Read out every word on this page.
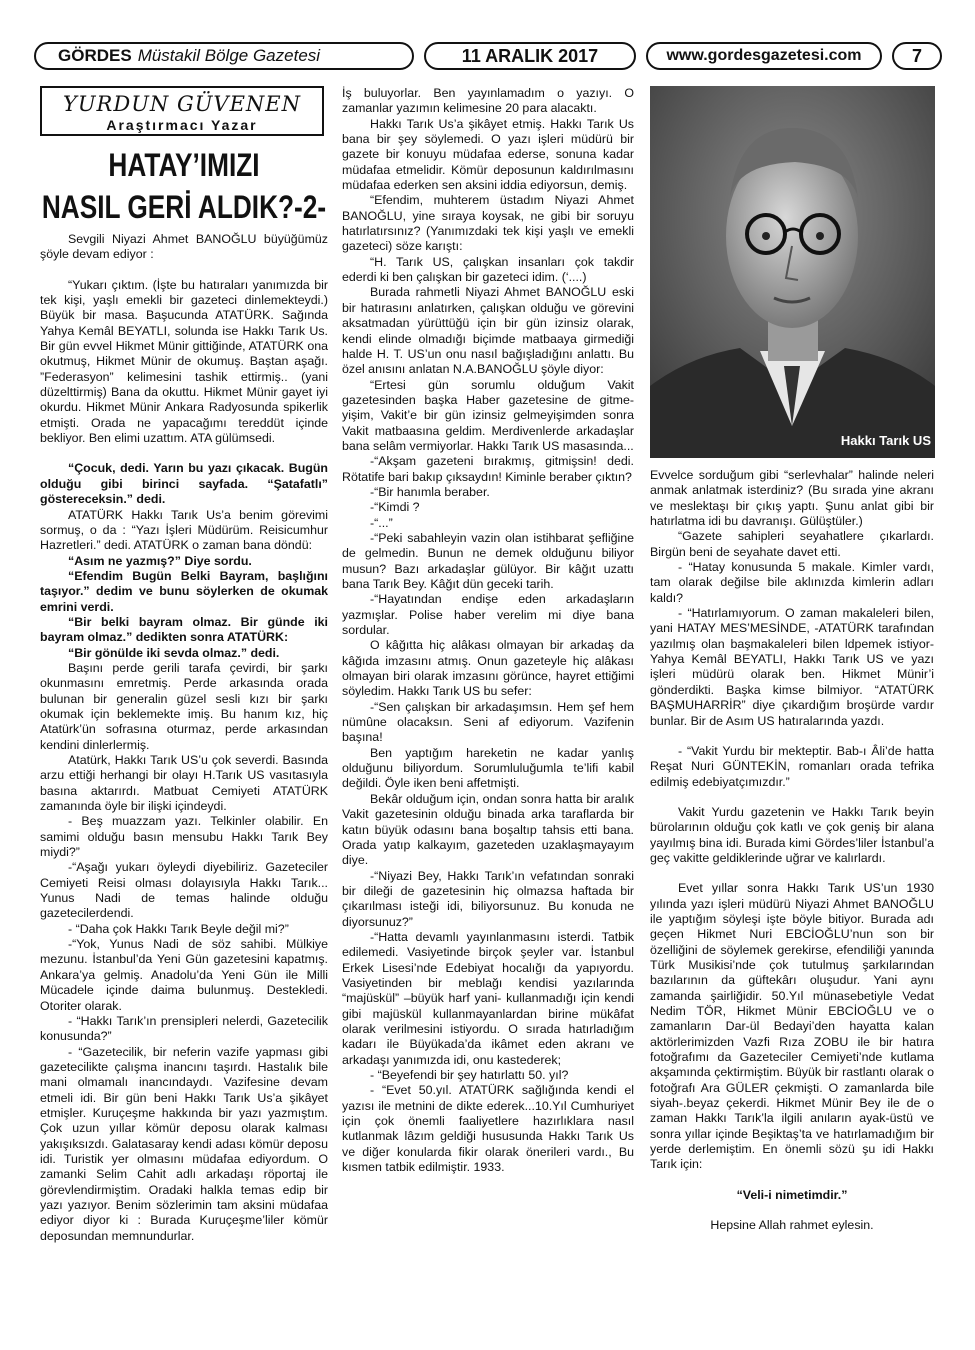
GÖRDES Müstakil Bölge Gazetesi	11 ARALIK 2017	www.gordesgazetesi.com	7
YURDUN GÜVENEN
Araştırmacı Yazar
HATAY’IMIZI
NASIL GERİ ALDIK?-2-

Sevgili Niyazi Ahmet BANOĞLU büyüğümüz şöyle devam ediyor :

“Yukarı çıktım. (İşte bu hatıraları yanımızda bir tek kişi, yaşlı emekli bir gazeteci dinlemekteydi.) Büyük bir masa. Başucunda ATATÜRK. Sağında Yahya Kemâl BEYATLI, solunda ise Hakkı Tarık Us. Bir gün evvel Hikmet Münir gittiğinde, ATATÜRK ona okutmuş, Hikmet Münir de okumuş. Baştan aşağı. ”Federasyon” kelimesini tashik ettirmiş.. (yani düzelttirmiş) Bana da okuttu. Hikmet Münir gayet iyi okurdu. Hikmet Münir Ankara Radyosunda spikerlik etmişti. Orada ne yapacağımı tereddüt içinde bekliyor. Ben elimi uzattım. ATA gülümsedi.

“Çocuk, dedi. Yarın bu yazı çıkacak. Bugün olduğu gibi birinci sayfada. “Şatafatlı” göstereceksin.” dedi.

ATATÜRK Hakkı Tarık Us’a benim görevimi sormuş, o da : “Yazı İşleri Müdürüm. Reisicumhur Hazretleri.” dedi. ATATÜRK o zaman bana döndü:

“Asım ne yazmış?” Diye sordu.

“Efendim Bugün Belki Bayram, başlığını taşıyor.” dedim ve bunu söylerken de okumak emrini verdi.

“Bir belki bayram olmaz. Bir günde iki bayram olmaz.” dedikten sonra ATATÜRK:

“Bir gönülde iki sevda olmaz.” dedi.

Başını perde gerili tarafa çevirdi, bir şarkı okunmasını emretmiş. Perde arkasında orada bulunan bir generalin güzel sesli kızı bir şarkı okumak için beklemekte imiş. Bu hanım kız, hiç Atatürk’ün sofrasına oturmaz, perde arkasından kendini dinlerlermiş.

Atatürk, Hakkı Tarık US’u çok severdi. Basında arzu ettiği herhangi bir olayı H.Tarık US vasıtasıyla basına aktarırdı. Matbuat Cemiyeti ATATÜRK zamanında öyle bir ilişki içindeydi.

- Beş muazzam yazı. Telkinler olabilir. En samimi olduğu basın mensubu Hakkı Tarık Bey miydi?”

-“Aşağı yukarı öyleydi diyebiliriz. Gazeteciler Cemiyeti Reisi olması dolayısıyla Hakkı Tarık... Yunus Nadi de temas halinde olduğu gazetecilerdendi.

- “Daha çok Hakkı Tarık Beyle değil mi?”

-“Yok, Yunus Nadi de söz sahibi. Mülkiye mezunu. İstanbul’da Yeni Gün gazetesini kapatmış. Ankara’ya gelmiş. Anadolu’da Yeni Gün ile Milli Mücadele içinde daima bulunmuş. Destekledi. Otoriter olarak.

- “Hakkı Tarık’ın prensipleri nelerdi, Gazetecilik konusunda?”

- “Gazetecilik, bir neferin vazife yapması gibi gazetecilikte çalışma inancını taşırdı. Hastalık bile mani olmamalı inancındaydı. Vazifesine devam etmeli idi. Bir gün beni Hakkı Tarık Us’a şikâyet etmişler. Kuruçeşme hakkında bir yazı yazmıştım. Çok uzun yıllar kömür deposu olarak kalması yakışıksızdı. Galatasaray kendi adası kömür deposu idi. Turistik yer olmasını müdafaa ediyordum. O zamanki Selim Cahit adlı arkadaşı röportaj ile görevlendirmiştim. Oradaki halkla temas edip bir yazı yazıyor. Benim sözlerimin tam aksini müdafaa ediyor diyor ki : Burada Kuruçeşme’liler kömür deposundan memnundurlar.

İş buluyorlar. Ben yayınlamadım o yazıyı. O zamanlar yazımın kelimesine 20 para alacaktı.

Hakkı Tarık Us’a şikâyet etmiş. Hakkı Tarık Us bana bir şey söylemedi. O yazı işleri müdürü bir gazete bir konuyu müdafaa ederse, sonuna kadar müdafaa etmelidir. Kömür deposunun kaldırılmasını müdafaa ederken sen aksini iddia ediyorsun, demiş.

“Efendim, muhterem üstadım Niyazi Ahmet BANOĞLU, yine sıraya koysak, ne gibi bir soruyu hatırlatırsınız? (Yanımızdaki tek kişi yaşlı ve emekli gazeteci) söze karıştı:

“H. Tarık US, çalışkan insanları çok takdir ederdi ki ben çalışkan bir gazeteci idim. (‘....)

Burada rahmetli Niyazi Ahmet BANOĞLU eski bir hatırasını anlatırken, çalışkan olduğu ve görevini aksatmadan yürüttüğü için bir gün izinsiz olarak, kendi elinde olmadığı biçimde matbaaya girmediği halde H. T. US’un onu nasıl bağışladığını anlattı. Bu özel anısını anlatan N.A.BANOĞLU şöyle diyor:

“Ertesi gün sorumlu olduğum Vakit gazetesinden başka Haber gazetesine de gitme-yişim, Vakit’e bir gün izinsiz gelmeyişimden sonra Vakit matbaasına geldim. Merdivenlerde arkadaşlar bana selâm vermiyorlar. Hakkı Tarık US masasında...

-“Akşam gazeteni bırakmış, gitmişsin! dedi. Rötatife bari bakıp çıksaydın! Kiminle beraber çıktın?

-“Bir hanımla beraber.

-“Kimdi ?

-“...”

-“Peki sabahleyin vazin olan istihbarat şefliğine de gelmedin. Bunun ne demek olduğunu biliyor musun? Bazı arkadaşlar gülüyor. Bir kâğıt uzattı bana Tarık Bey. Kâğıt dün geceki tarih.

-“Hayatından endişe eden arkadaşların yazmışlar. Polise haber verelim mi diye bana sordular.

O kâğıtta hiç alâkası olmayan bir arkadaş da kâğıda imzasını atmış. Onun gazeteyle hiç alâkası olmayan biri olarak imzasını görünce, hayret ettiğimi söyledim. Hakkı Tarık US bu sefer:

-“Sen çalışkan bir arkadaşımsın. Hem şef hem nümûne olacaksın. Seni af ediyorum. Vazifenin başına!

Ben yaptığım hareketin ne kadar yanlış olduğunu biliyordum. Sorumluluğumla te’lifi kabil değildi. Öyle iken beni affetmişti.

Bekâr olduğum için, ondan sonra hatta bir aralık Vakit gazetesinin olduğu binada arka taraflarda bir katın büyük odasını bana boşaltıp tahsis etti bana. Orada yatıp kalkayım, gazeteden uzaklaşmayayım diye.

-“Niyazi Bey, Hakkı Tarık’ın vefatından sonraki bir dileği de gazetesinin hiç olmazsa haftada bir çıkarılması isteği idi, biliyorsunuz. Bu konuda ne diyorsunuz?”

-“Hatta devamlı yayınlanmasını isterdi. Tatbik edilemedi. Vasiyetinde birçok şeyler var. İstanbul Erkek Lisesi’nde Edebiyat hocalığı da yapıyordu. Vasiyetinden bir meblağı kendisi yazılarında “majüskül” –büyük harf yani- kullanmadığı için kendi gibi majüskül kullanmayanlardan birine mükâfat olarak verilmesini istiyordu. O sırada hatırladığım kadarı ile Büyükada’da ikâmet eden akranı ve arkadaşı yanımızda idi, onu kastederek;

- “Beyefendi bir şey hatırlattı 50. yıl?

- “Evet 50.yıl. ATATÜRK sağlığında kendi el yazısı ile metnini de dikte ederek...10.Yıl Cumhuriyet için çok önemli faaliyetlere hazırlıklara nasıl kutlanmak lâzım geldiği hususunda Hakkı Tarık Us ve diğer konularda fikir olarak önerileri vardı., Bu kısmen tatbik edilmiştir. 1933.

Hakkı Tarık US

Evvelce sorduğum gibi “serlevhalar” halinde neleri anmak anlatmak isterdiniz? (Bu sırada yine akranı ve meslektaşı bir çıkış yaptı. Şunu anlat gibi bir hatırlatma idi bu davranışı. Gülüştüler.)

“Gazete sahipleri seyahatlere çıkarlardı. Birgün beni de seyahate davet etti.

- “Hatay konusunda 5 makale. Kimler vardı, tam olarak değilse bile aklınızda kimlerin adları kaldı?

- “Hatırlamıyorum. O zaman makaleleri bilen, yani HATAY MES’MESİNDE, -ATATÜRK tarafından yazılmış olan başmakaleleri bilen ldpemek istiyor- Yahya Kemâl BEYATLI, Hakkı Tarık US ve yazı işleri müdürü olarak ben. Hikmet Münir’i gönderdikti. Başka kimse bilmiyor. “ATATÜRK BAŞMUHARRİR” diye çıkardığım broşürde vardır bunlar. Bir de Asım US hatıralarında yazdı.

- “Vakit Yurdu bir mekteptir. Bab-ı Âli’de hatta Reşat Nuri GÜNTEKİN, romanları orada tefrika edilmiş edebiyatçımızdır.”

Vakit Yurdu gazetenin ve Hakkı Tarık beyin bürolarının olduğu çok katlı ve çok geniş bir alana yayılmış bina idi. Burada kimi Gördes’liler İstanbul’a geç vakitte geldiklerinde uğrar ve kalırlardı.

Evet yıllar sonra Hakkı Tarık US’un 1930 yılında yazı işleri müdürü Niyazi Ahmet BANOĞLU ile yaptığım söyleşi işte böyle bitiyor. Burada adı geçen Hikmet Nuri EBCİOĞLU’nun son bir özelliğini de söylemek gerekirse, efendiliği yanında Türk Musikisi’nde çok tutulmuş şarkılarından bazılarının da güftekârı oluşudur. Yani aynı zamanda şairliğidir. 50.Yıl münasebetiyle Vedat Nedim TÖR, Hikmet Münir EBCİOĞLU ve o zamanların Dar-ül Bedayi’den hayatta kalan aktörlerimizden Vazfi Rıza ZOBU ile bir hatıra fotoğrafımı da Gazeteciler Cemiyeti’nde kutlama akşamında çektirmiştim. Büyük bir rastlantı olarak o fotoğrafı Ara GÜLER çekmişti. O zamanlarda bile siyah-.beyaz çekerdi. Hikmet Münir Bey ile de o zaman Hakkı Tarık’la ilgili anıların ayak-üstü ve sonra yıllar içinde Beşiktaş’ta ve hatırlamadığım bir yerde derlemiştim. En önemli sözü şu idi Hakkı Tarık için:

“Veli-i nimetimdir.”

Hepsine Allah rahmet eylesin.
